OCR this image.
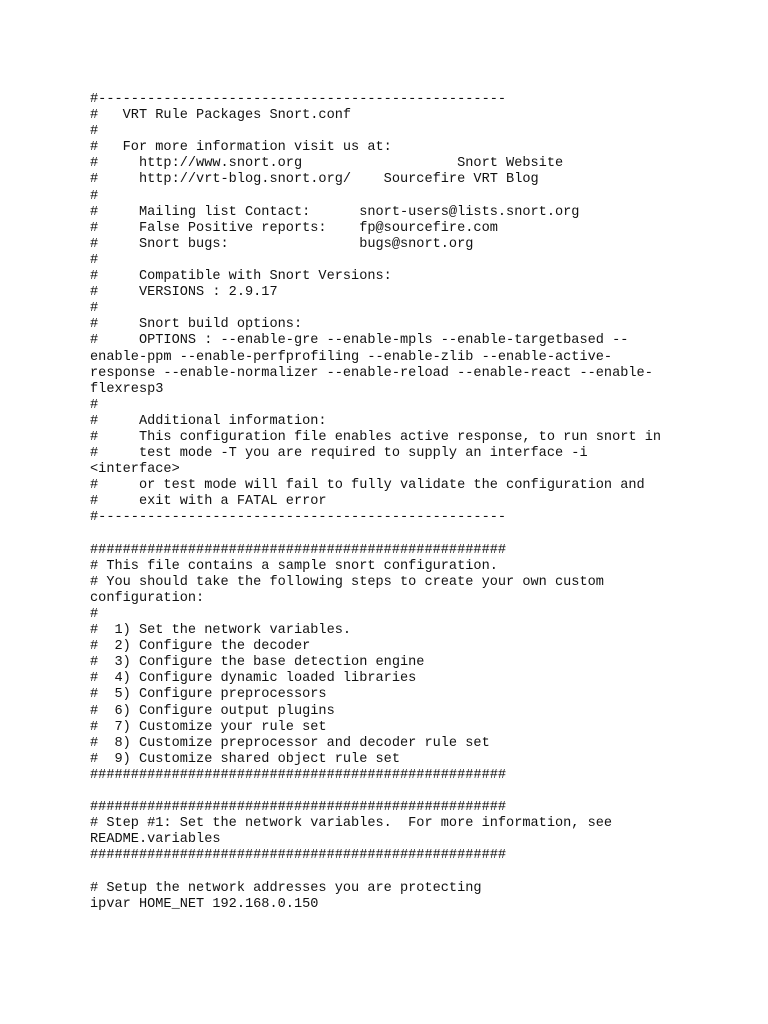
#--------------------------------------------------
#   VRT Rule Packages Snort.conf
#
#   For more information visit us at:
#     http://www.snort.org                   Snort Website
#     http://vrt-blog.snort.org/    Sourcefire VRT Blog
#
#     Mailing list Contact:      snort-users@lists.snort.org
#     False Positive reports:    fp@sourcefire.com
#     Snort bugs:                bugs@snort.org
#
#     Compatible with Snort Versions:
#     VERSIONS : 2.9.17
#
#     Snort build options:
#     OPTIONS : --enable-gre --enable-mpls --enable-targetbased --
enable-ppm --enable-perfprofiling --enable-zlib --enable-active-
response --enable-normalizer --enable-reload --enable-react --enable-
flexresp3
#
#     Additional information:
#     This configuration file enables active response, to run snort in
#     test mode -T you are required to supply an interface -i
<interface>
#     or test mode will fail to fully validate the configuration and
#     exit with a FATAL error
#--------------------------------------------------
###################################################
# This file contains a sample snort configuration.
# You should take the following steps to create your own custom
configuration:
#
#  1) Set the network variables.
#  2) Configure the decoder
#  3) Configure the base detection engine
#  4) Configure dynamic loaded libraries
#  5) Configure preprocessors
#  6) Configure output plugins
#  7) Customize your rule set
#  8) Customize preprocessor and decoder rule set
#  9) Customize shared object rule set
###################################################
###################################################
# Step #1: Set the network variables.  For more information, see
README.variables
###################################################
# Setup the network addresses you are protecting
ipvar HOME_NET 192.168.0.150
